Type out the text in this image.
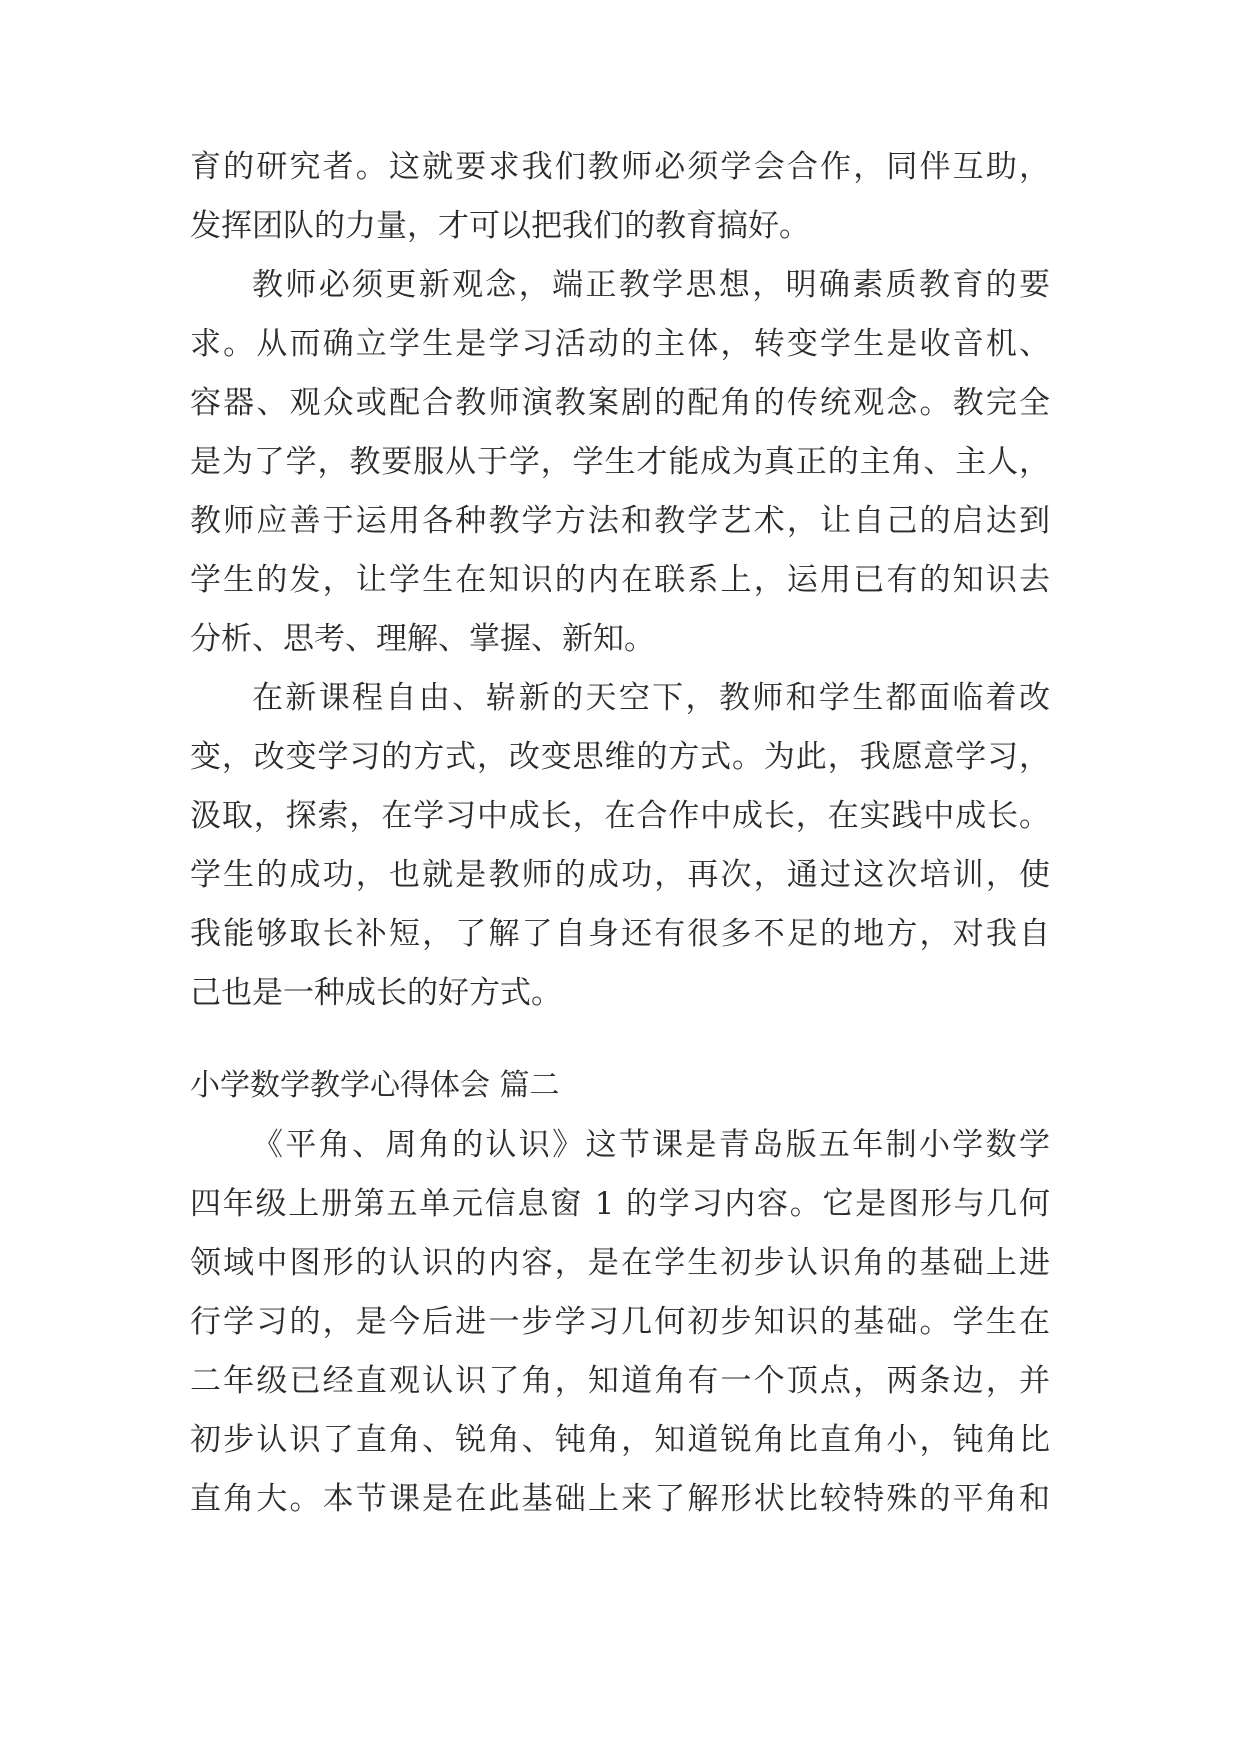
育的研究者。这就要求我们教师必须学会合作，同伴互助，
发挥团队的力量，才可以把我们的教育搞好。
教师必须更新观念，端正教学思想，明确素质教育的要
求。从而确立学生是学习活动的主体，转变学生是收音机、
容器、观众或配合教师演教案剧的配角的传统观念。教完全
是为了学，教要服从于学，学生才能成为真正的主角、主人，
教师应善于运用各种教学方法和教学艺术，让自己的启达到
学生的发，让学生在知识的内在联系上，运用已有的知识去
分析、思考、理解、掌握、新知。
在新课程自由、崭新的天空下，教师和学生都面临着改
变，改变学习的方式，改变思维的方式。为此，我愿意学习，
汲取，探索，在学习中成长，在合作中成长，在实践中成长。
学生的成功，也就是教师的成功，再次，通过这次培训，使
我能够取长补短，了解了自身还有很多不足的地方，对我自
己也是一种成长的好方式。
小学数学教学心得体会 篇二
《平角、周角的认识》这节课是青岛版五年制小学数学
四年级上册第五单元信息窗 1 的学习内容。它是图形与几何
领域中图形的认识的内容，是在学生初步认识角的基础上进
行学习的，是今后进一步学习几何初步知识的基础。学生在
二年级已经直观认识了角，知道角有一个顶点，两条边，并
初步认识了直角、锐角、钝角，知道锐角比直角小，钝角比
直角大。本节课是在此基础上来了解形状比较特殊的平角和
